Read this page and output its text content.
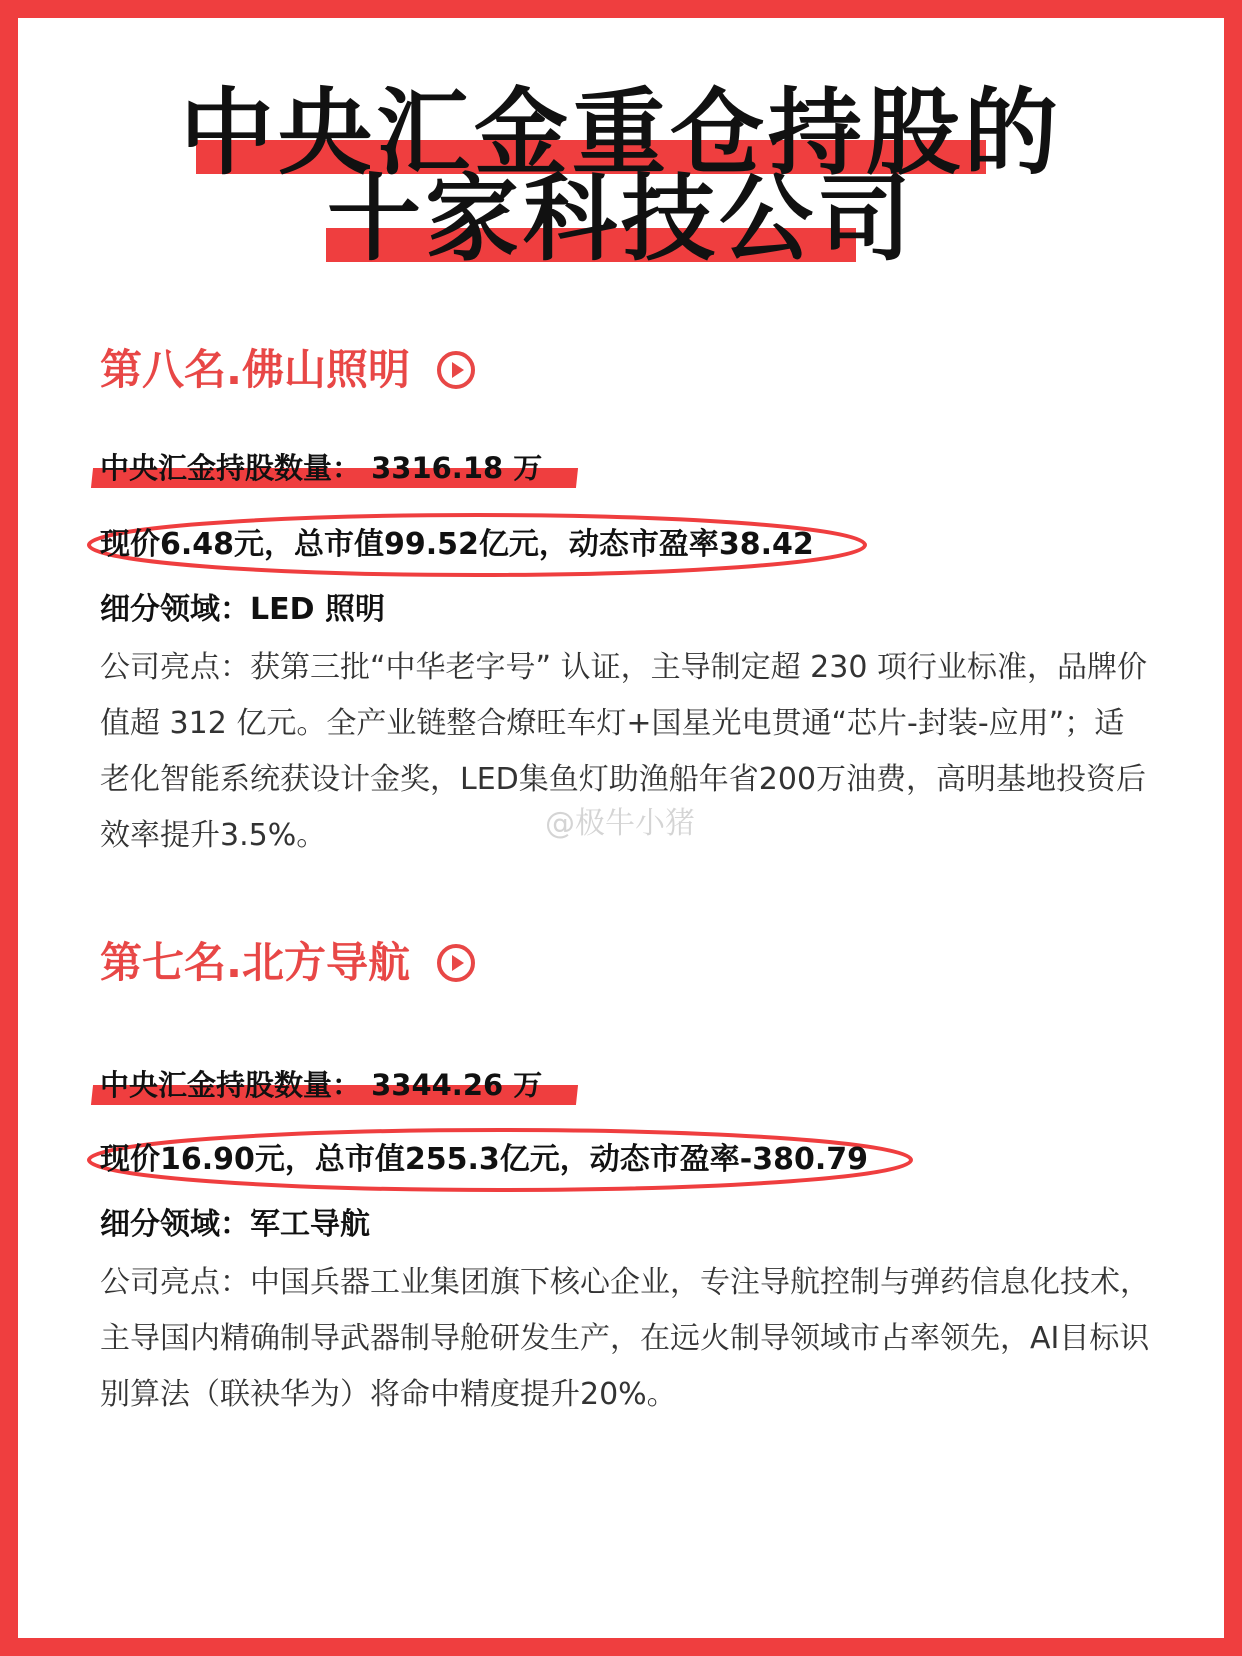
中央汇金重仓持股的
十家科技公司
第八名.佛山照明
中央汇金持股数量： 3316.18 万
现价6.48元，总市值99.52亿元，动态市盈率38.42
细分领域：LED 照明

公司亮点：获第三批“中华老字号” 认证，主导制定超 230 项行业标准，品牌价值超 312 亿元。全产业链整合燎旺车灯+国星光电贯通“芯片-封装-应用”；适老化智能系统获设计金奖，LED集鱼灯助渔船年省200万油费，高明基地投资后效率提升3.5%。	@极牛小猪
第七名.北方导航
中央汇金持股数量： 3344.26 万
现价16.90元，总市值255.3亿元，动态市盈率-380.79
细分领域：军工导航

公司亮点：中国兵器工业集团旗下核心企业，专注导航控制与弹药信息化技术，主导国内精确制导武器制导舱研发生产，在远火制导领域市占率领先，AI目标识别算法（联袂华为）将命中精度提升20%。
